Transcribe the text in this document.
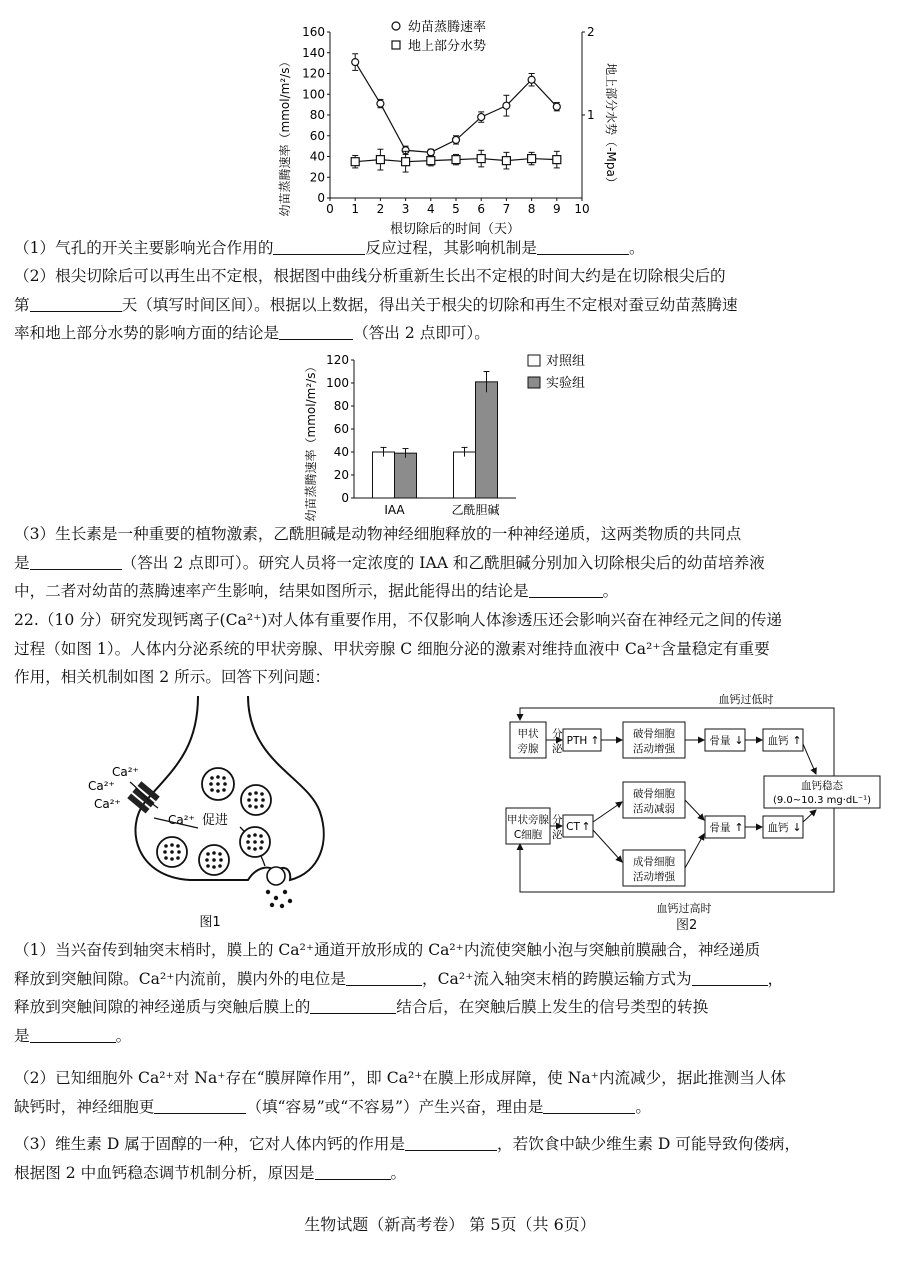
0 1 2 3 4 5 6 7 8 9 10
0
20
40
60
80
100
120
140
160
1
2
幼苗蒸腾速率
地上部分水势
根切除后的时间（天）
幼苗蒸腾速率（mmol/m²/s）	地上部分水势（-Mpa）
（1）气孔的开关主要影响光合作用的	反应过程，其影响机制是	。
（2）根尖切除后可以再生出不定根，根据图中曲线分析重新生长出不定根的时间大约是在切除根尖后的
第	天（填写时间区间）。根据以上数据，得出关于根尖的切除和再生不定根对蚕豆幼苗蒸腾速
率和地上部分水势的影响方面的结论是	（答出 2 点即可）。
0
20
40
60
80
100
120
IAA	乙酰胆碱
对照组
实验组
幼苗蒸腾速率（mmol/m²/s）
（3）生长素是一种重要的植物激素，乙酰胆碱是动物神经细胞释放的一种神经递质，这两类物质的共同点
是	（答出 2 点即可）。研究人员将一定浓度的 IAA 和乙酰胆碱分别加入切除根尖后的幼苗培养液
中，二者对幼苗的蒸腾速率产生影响，结果如图所示，据此能得出的结论是	。
22.（10 分）研究发现钙离子(Ca²⁺)对人体有重要作用，不仅影响人体渗透压还会影响兴奋在神经元之间的传递
过程（如图 1）。人体内分泌系统的甲状旁腺、甲状旁腺 C 细胞分泌的激素对维持血液中 Ca²⁺含量稳定有重要
作用，相关机制如图 2 所示。回答下列问题：
Ca²⁺
Ca²⁺
Ca²⁺
Ca²⁺ 促进
图1
血钙过低时
血钙过高时
甲状
旁腺
分
泌
PTH ↑	破骨细胞
活动增强
骨量 ↓ 血钙 ↑
血钙稳态
(9.0~10.3 mg·dL⁻¹)
甲状旁腺
C细胞
分
泌
CT ↑
破骨细胞
活动减弱
成骨细胞
活动增强
骨量 ↑ 血钙 ↓
图2
（1）当兴奋传到轴突末梢时，膜上的 Ca²⁺通道开放形成的 Ca²⁺内流使突触小泡与突触前膜融合，神经递质
释放到突触间隙。Ca²⁺内流前，膜内外的电位是	，Ca²⁺流入轴突末梢的跨膜运输方式为	，
释放到突触间隙的神经递质与突触后膜上的	结合后，在突触后膜上发生的信号类型的转换
是	。
（2）已知细胞外 Ca²⁺对 Na⁺存在“膜屏障作用”，即 Ca²⁺在膜上形成屏障，使 Na⁺内流减少，据此推测当人体
缺钙时，神经细胞更	（填“容易”或“不容易”）产生兴奋，理由是	。
（3）维生素 D 属于固醇的一种，它对人体内钙的作用是	，若饮食中缺少维生素 D 可能导致佝偻病，
根据图 2 中血钙稳态调节机制分析，原因是	。
生物试题（新高考卷） 第 5页（共 6页）
